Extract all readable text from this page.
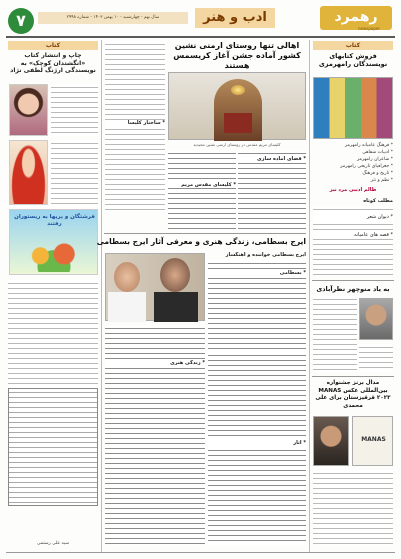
۷	سال نهم - چهارشنبه - ۱۰ بهمن ۱۴۰۳ - شماره ۲۹۹۸	ادب و هنر	رهمرد
newspaper
کتاب
چاپ و انتشار کتاب «انگشتدان کوچک» به نویسندگی ارژنگ لطفی نژاد
فرشتگان و پریها به ریستوران رفتند
سید علی رستمی
اهالی تنها روستای ارمنی نشین کشور آماده جشن آغاز کریسمس هستند
کلیسای مریم مقدس در روستای ارمنی نشین مجیدیه
* فضای آماده سازی
* کلیسای مقدس مریم
* ساختار کلیسا
ایرج بسطامی، زندگی هنری و معرفی آثار ایرج بسطامی
ایرج بسطامی خواننده و آهنگساز
* بسطامی
* زندگی هنری
* آثار
کتاب
فروش کتابهای نویسندگان رامهرمزی
* فرهنگ عامیانه رامهرمز
* ادبیات شفاهی
* شاعران رامهرمز
* جغرافیای تاریخی رامهرمز
* تاریخ و فرهنگ
* نظم و نثر
ظالم ادیبی مرد نیز
مطلب کوتاه
* دیوان شعر
* قصه های عامیانه
به یاد منوچهر نظرآبادی
مدال برنز جشنواره بین‌المللی عکس MANAS ۲۰۲۳ قرقیزستان برای علی محمدی
MANAS
